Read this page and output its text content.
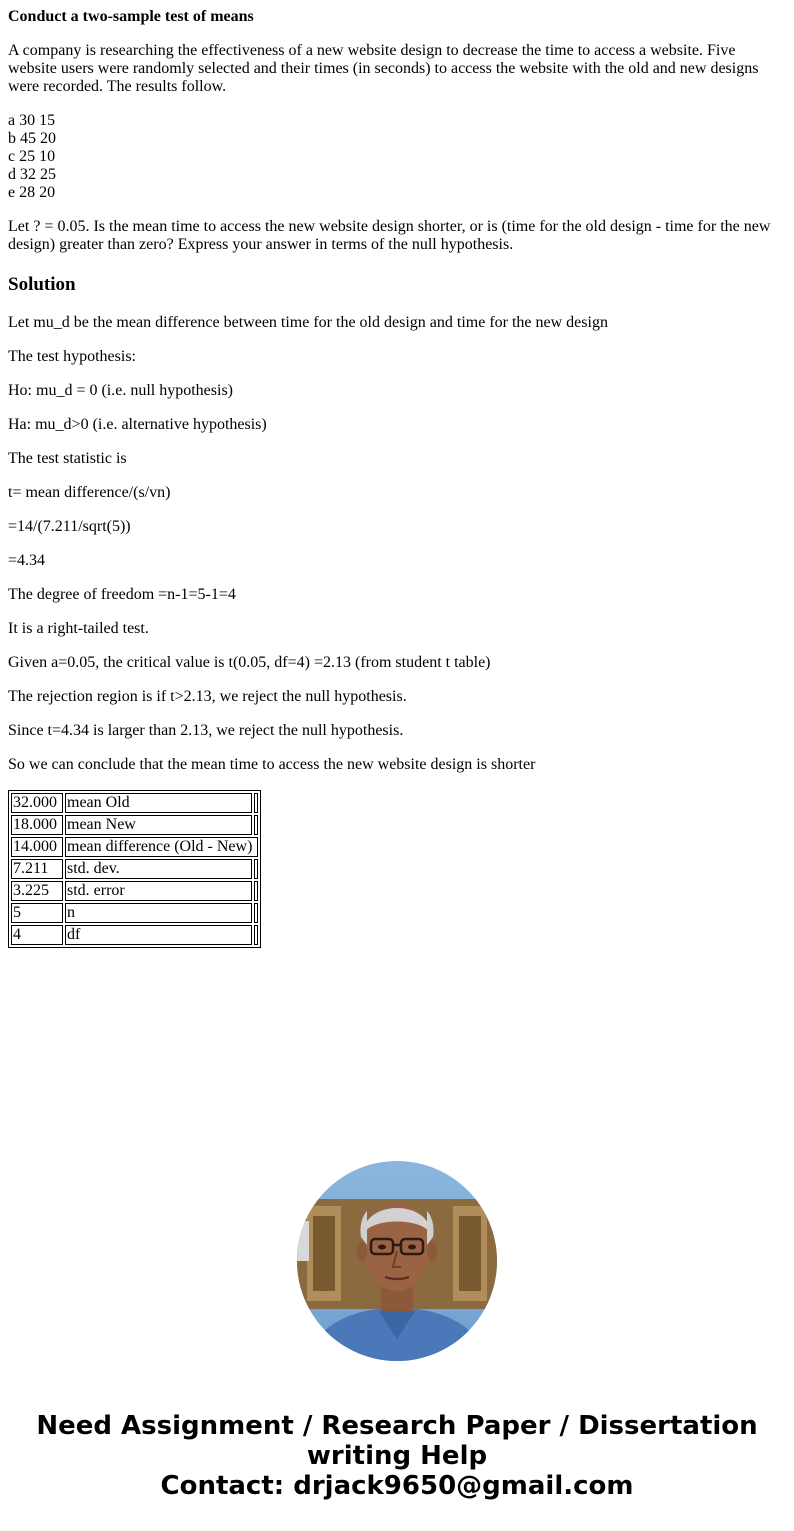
Conduct a two-sample test of means

A company is researching the effectiveness of a new website design to decrease the time to access a website. Five website users were randomly selected and their times (in seconds) to access the website with the old and new designs were recorded. The results follow.

a 30 15
b 45 20
c 25 10
d 32 25
e 28 20

Let ? = 0.05. Is the mean time to access the new website design shorter, or is (time for the old design - time for the new design) greater than zero? Express your answer in terms of the null hypothesis.

Solution

Let mu_d be the mean difference between time for the old design and time for the new design

The test hypothesis:

Ho: mu_d = 0 (i.e. null hypothesis)

Ha: mu_d>0 (i.e. alternative hypothesis)

The test statistic is

t= mean difference/(s/vn)

=14/(7.211/sqrt(5))

=4.34

The degree of freedom =n-1=5-1=4

It is a right-tailed test.

Given a=0.05, the critical value is t(0.05, df=4) =2.13 (from student t table)

The rejection region is if t>2.13, we reject the null hypothesis.

Since t=4.34 is larger than 2.13, we reject the null hypothesis.

So we can conclude that the mean time to access the new website design is shorter

32.000	mean Old	
18.000	mean New	
14.000	mean difference (Old - New)	
7.211	std. dev.	
3.225	std. error	
5	n	
4	df	
Need Assignment / Research Paper / Dissertation
writing Help
Contact: drjack9650@gmail.com
